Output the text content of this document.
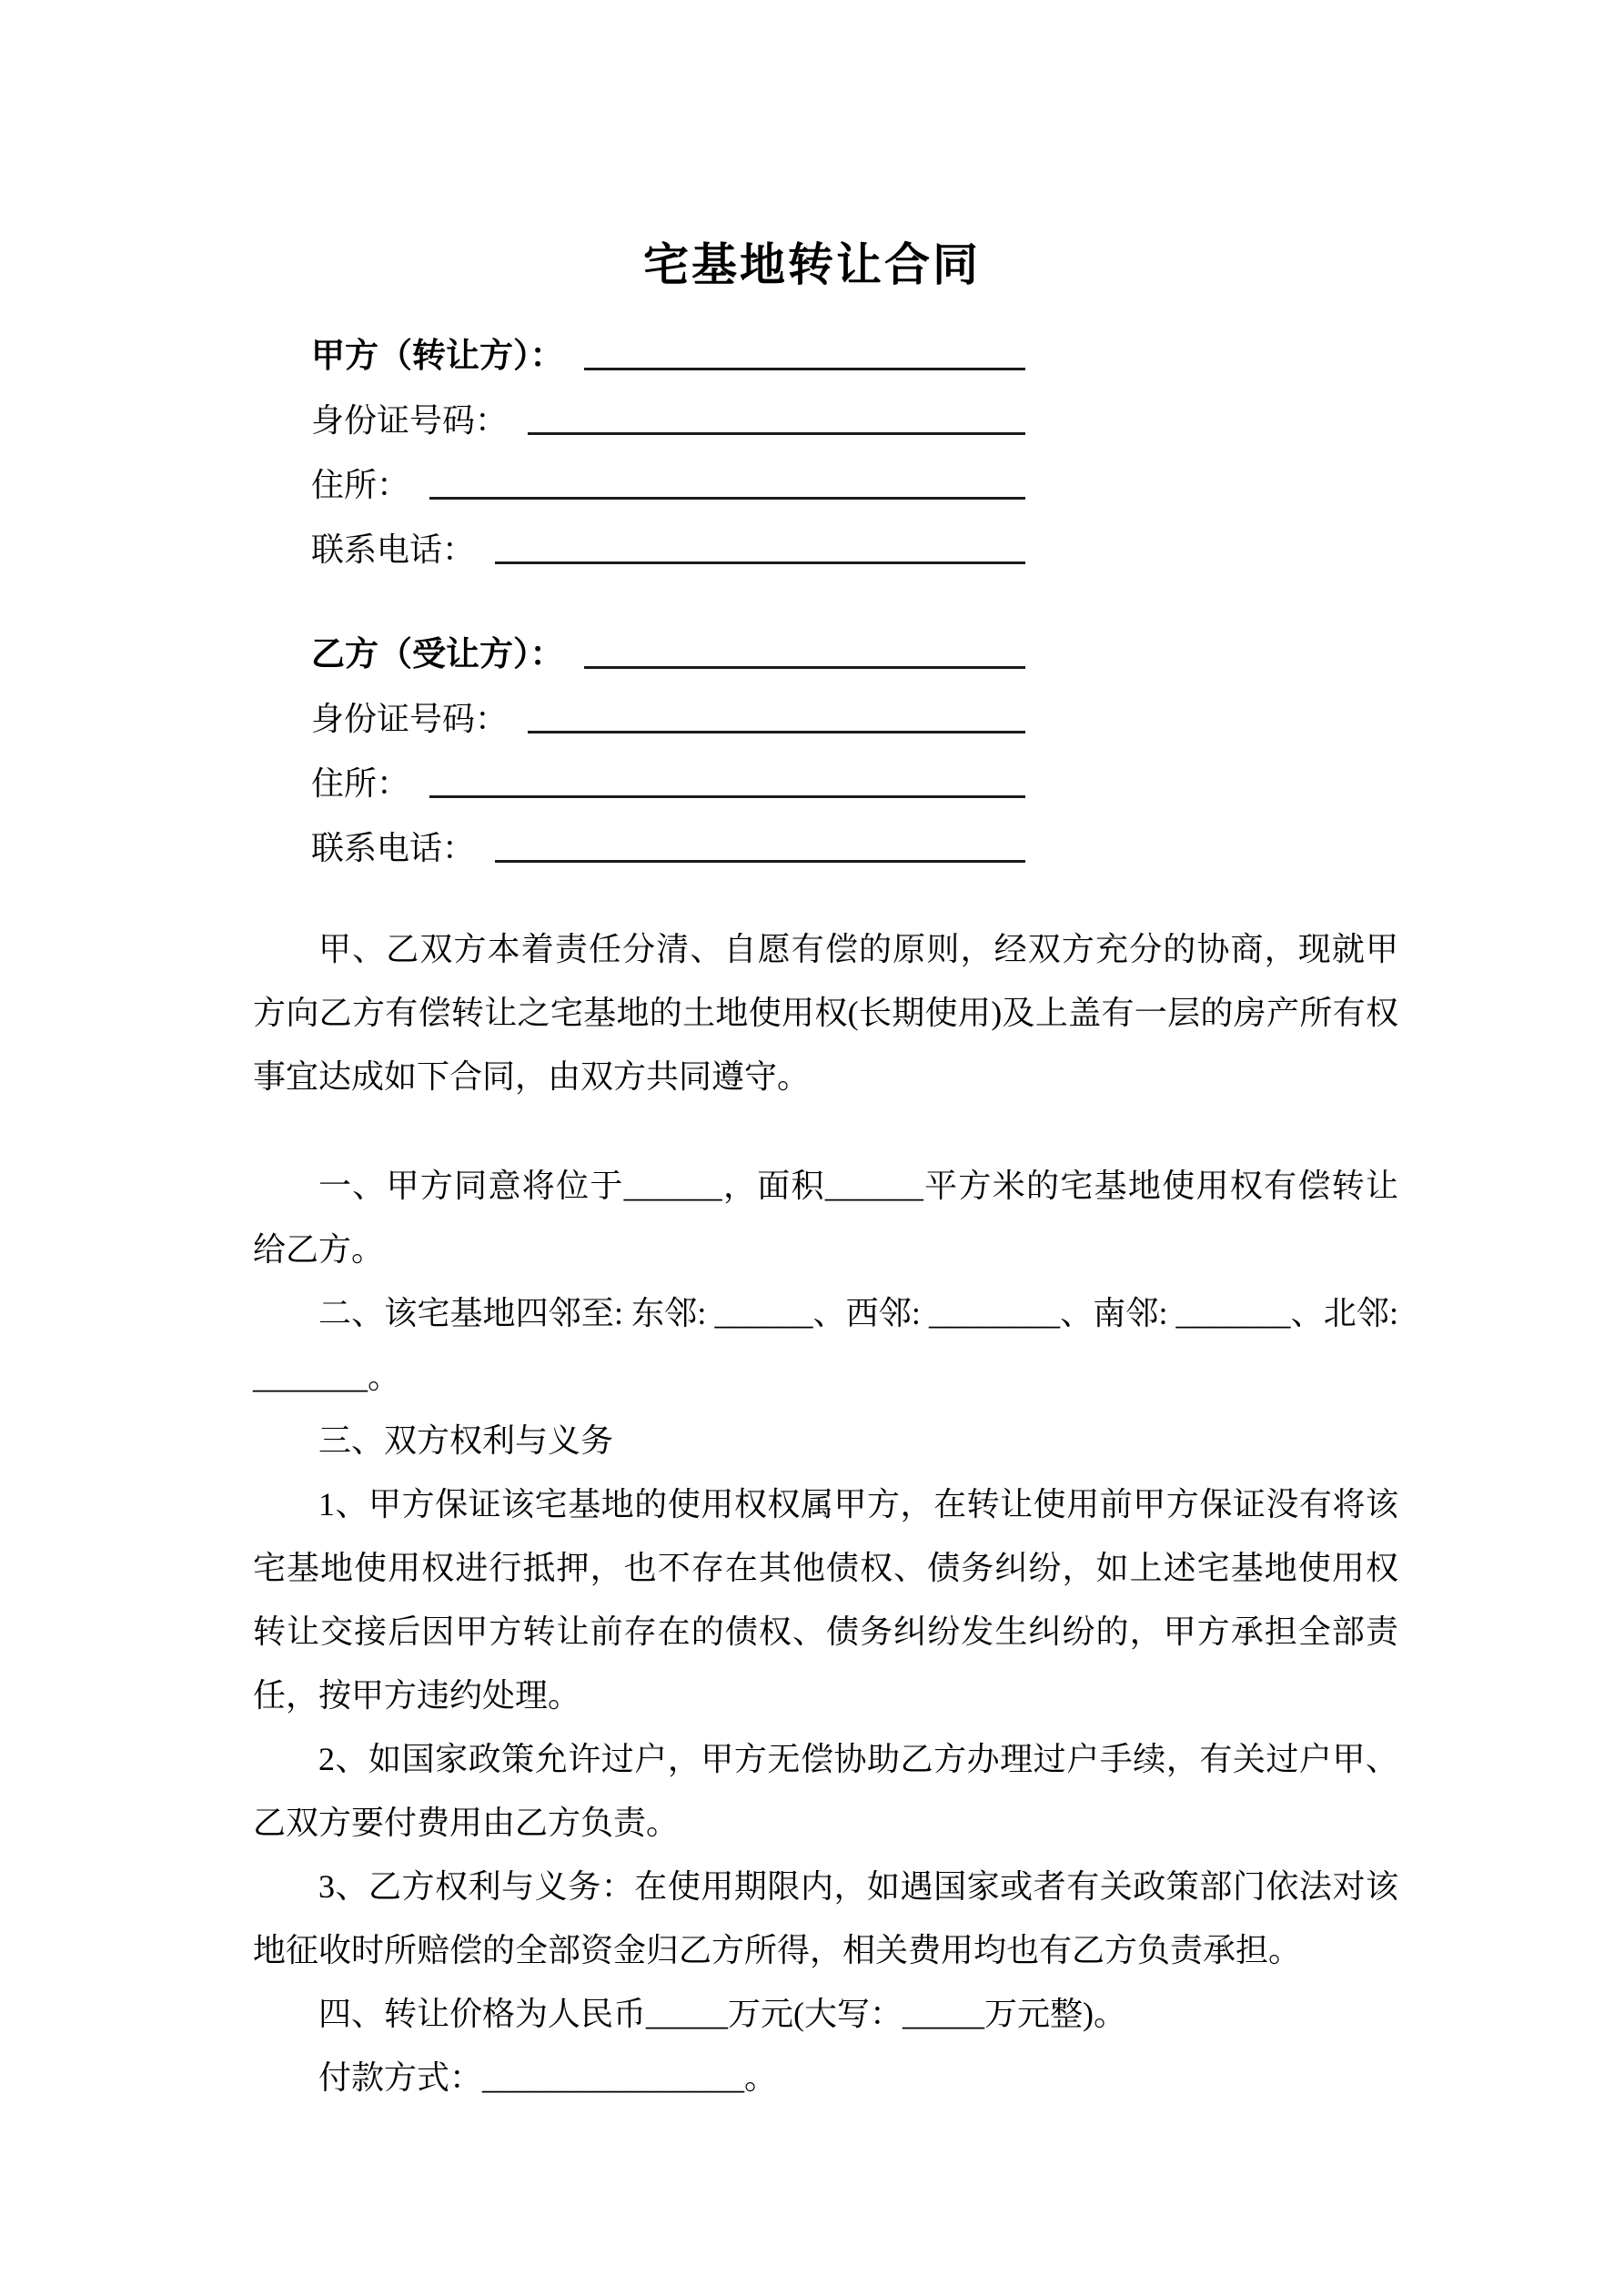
宅基地转让合同
甲方（转让方）：
身份证号码：
住所：
联系电话：
乙方（受让方）：
身份证号码：
住所：
联系电话：

甲、乙双方本着责任分清、自愿有偿的原则，经双方充分的协商，现就甲方向乙方有偿转让之宅基地的土地使用权(长期使用)及上盖有一层的房产所有权事宜达成如下合同，由双方共同遵守。

一、甲方同意将位于______，面积______平方米的宅基地使用权有偿转让给乙方。

二、该宅基地四邻至: 东邻: ______、西邻: ________、南邻: _______、北邻: _______。

三、双方权利与义务

1、甲方保证该宅基地的使用权权属甲方，在转让使用前甲方保证没有将该宅基地使用权进行抵押，也不存在其他债权、债务纠纷，如上述宅基地使用权转让交接后因甲方转让前存在的债权、债务纠纷发生纠纷的，甲方承担全部责任，按甲方违约处理。

2、如国家政策允许过户，甲方无偿协助乙方办理过户手续，有关过户甲、乙双方要付费用由乙方负责。

3、乙方权利与义务：在使用期限内，如遇国家或者有关政策部门依法对该地征收时所赔偿的全部资金归乙方所得，相关费用均也有乙方负责承担。

四、转让价格为人民币_____万元(大写：_____万元整)。

付款方式：________________。
